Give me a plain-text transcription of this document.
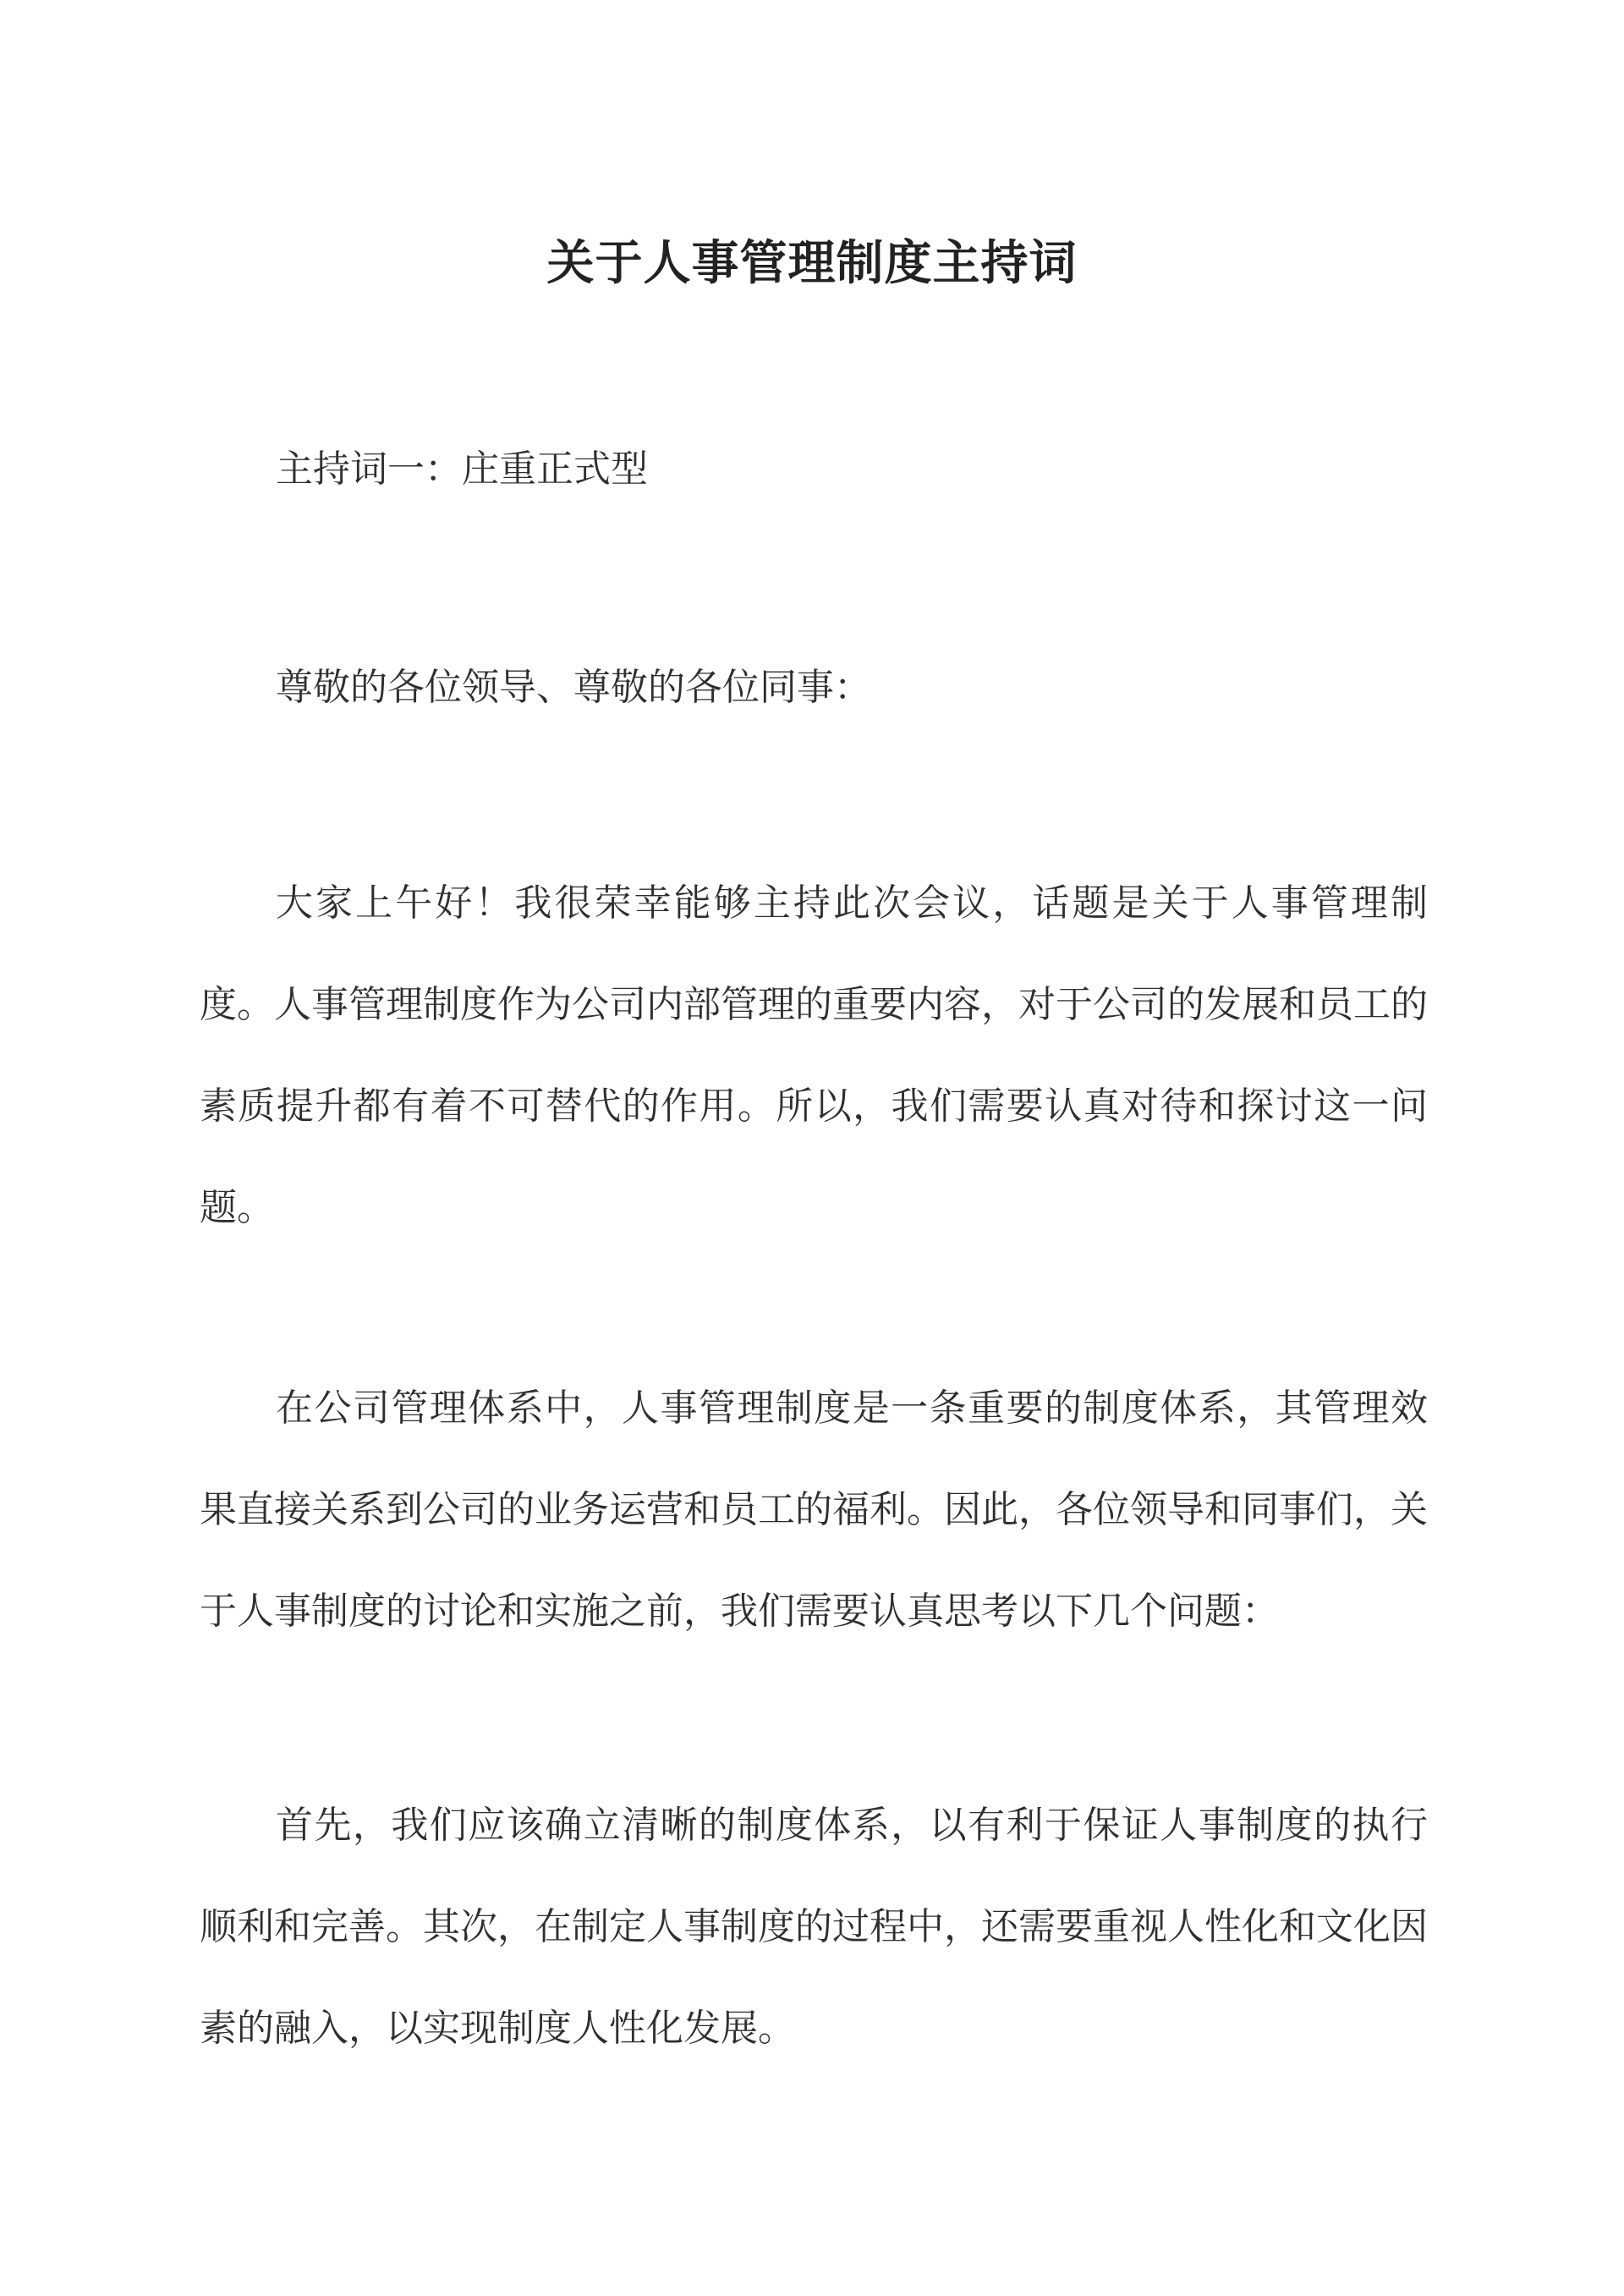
关于人事管理制度主持词

主持词一：庄重正式型

尊敬的各位领导、尊敬的各位同事：

大家上午好！我很荣幸能够主持此次会议，话题是关于人事管理制度。人事管理制度作为公司内部管理的重要内容，对于公司的发展和员工的素质提升都有着不可替代的作用。所以，我们需要认真对待和探讨这一问题。

在公司管理体系中，人事管理制度是一条重要的制度体系，其管理效果直接关系到公司的业务运营和员工的福利。因此，各位领导和同事们，关于人事制度的讨论和实施之前，我们需要认真思考以下几个问题：

首先，我们应该确立清晰的制度体系，以有利于保证人事制度的执行顺利和完善。其次，在制定人事制度的过程中，还需要重视人性化和文化因素的融入，以实现制度人性化发展。
